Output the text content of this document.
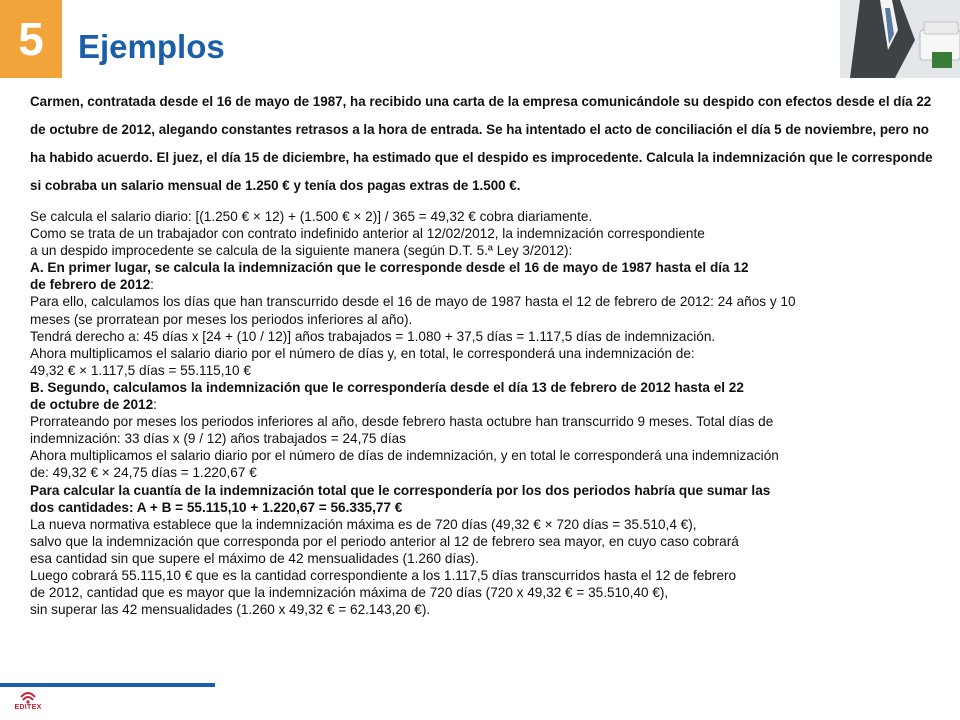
5 Ejemplos

Carmen, contratada desde el 16 de mayo de 1987, ha recibido una carta de la empresa comunicándole su despido con efectos desde el día 22 de octubre de 2012, alegando constantes retrasos a la hora de entrada. Se ha intentado el acto de conciliación el día 5 de noviembre, pero no ha habido acuerdo. El juez, el día 15 de diciembre, ha estimado que el despido es improcedente. Calcula la indemnización que le corresponde si cobraba un salario mensual de 1.250 € y tenía dos pagas extras de 1.500 €.

Se calcula el salario diario: [(1.250 € × 12) + (1.500 € × 2)] / 365 = 49,32 € cobra diariamente.

Como se trata de un trabajador con contrato indefinido anterior al 12/02/2012, la indemnización correspondiente

a un despido improcedente se calcula de la siguiente manera (según D.T. 5.ª Ley 3/2012):

A. En primer lugar, se calcula la indemnización que le corresponde desde el 16 de mayo de 1987 hasta el día 12

de febrero de 2012:

Para ello, calculamos los días que han transcurrido desde el 16 de mayo de 1987 hasta el 12 de febrero de 2012: 24 años y 10

meses (se prorratean por meses los periodos inferiores al año).

Tendrá derecho a: 45 días x [24 + (10 / 12)] años trabajados = 1.080 + 37,5 días = 1.117,5 días de indemnización.

Ahora multiplicamos el salario diario por el número de días y, en total, le corresponderá una indemnización de:

49,32 € × 1.117,5 días = 55.115,10 €

B. Segundo, calculamos la indemnización que le correspondería desde el día 13 de febrero de 2012 hasta el 22

de octubre de 2012:

Prorrateando por meses los periodos inferiores al año, desde febrero hasta octubre han transcurrido 9 meses. Total días de

indemnización: 33 días x (9 / 12) años trabajados = 24,75 días

Ahora multiplicamos el salario diario por el número de días de indemnización, y en total le corresponderá una indemnización

de: 49,32 € × 24,75 días = 1.220,67 €

Para calcular la cuantía de la indemnización total que le correspondería por los dos periodos habría que sumar las

dos cantidades: A + B = 55.115,10 + 1.220,67 = 56.335,77 €

La nueva normativa establece que la indemnización máxima es de 720 días (49,32 € × 720 días = 35.510,4 €),

salvo que la indemnización que corresponda por el periodo anterior al 12 de febrero sea mayor, en cuyo caso cobrará

esa cantidad sin que supere el máximo de 42 mensualidades (1.260 días).

Luego cobrará 55.115,10 € que es la cantidad correspondiente a los 1.117,5 días transcurridos hasta el 12 de febrero

de 2012, cantidad que es mayor que la indemnización máxima de 720 días (720 x 49,32 € = 35.510,40 €),

sin superar las 42 mensualidades (1.260 x 49,32 € = 62.143,20 €).

EDITEX
